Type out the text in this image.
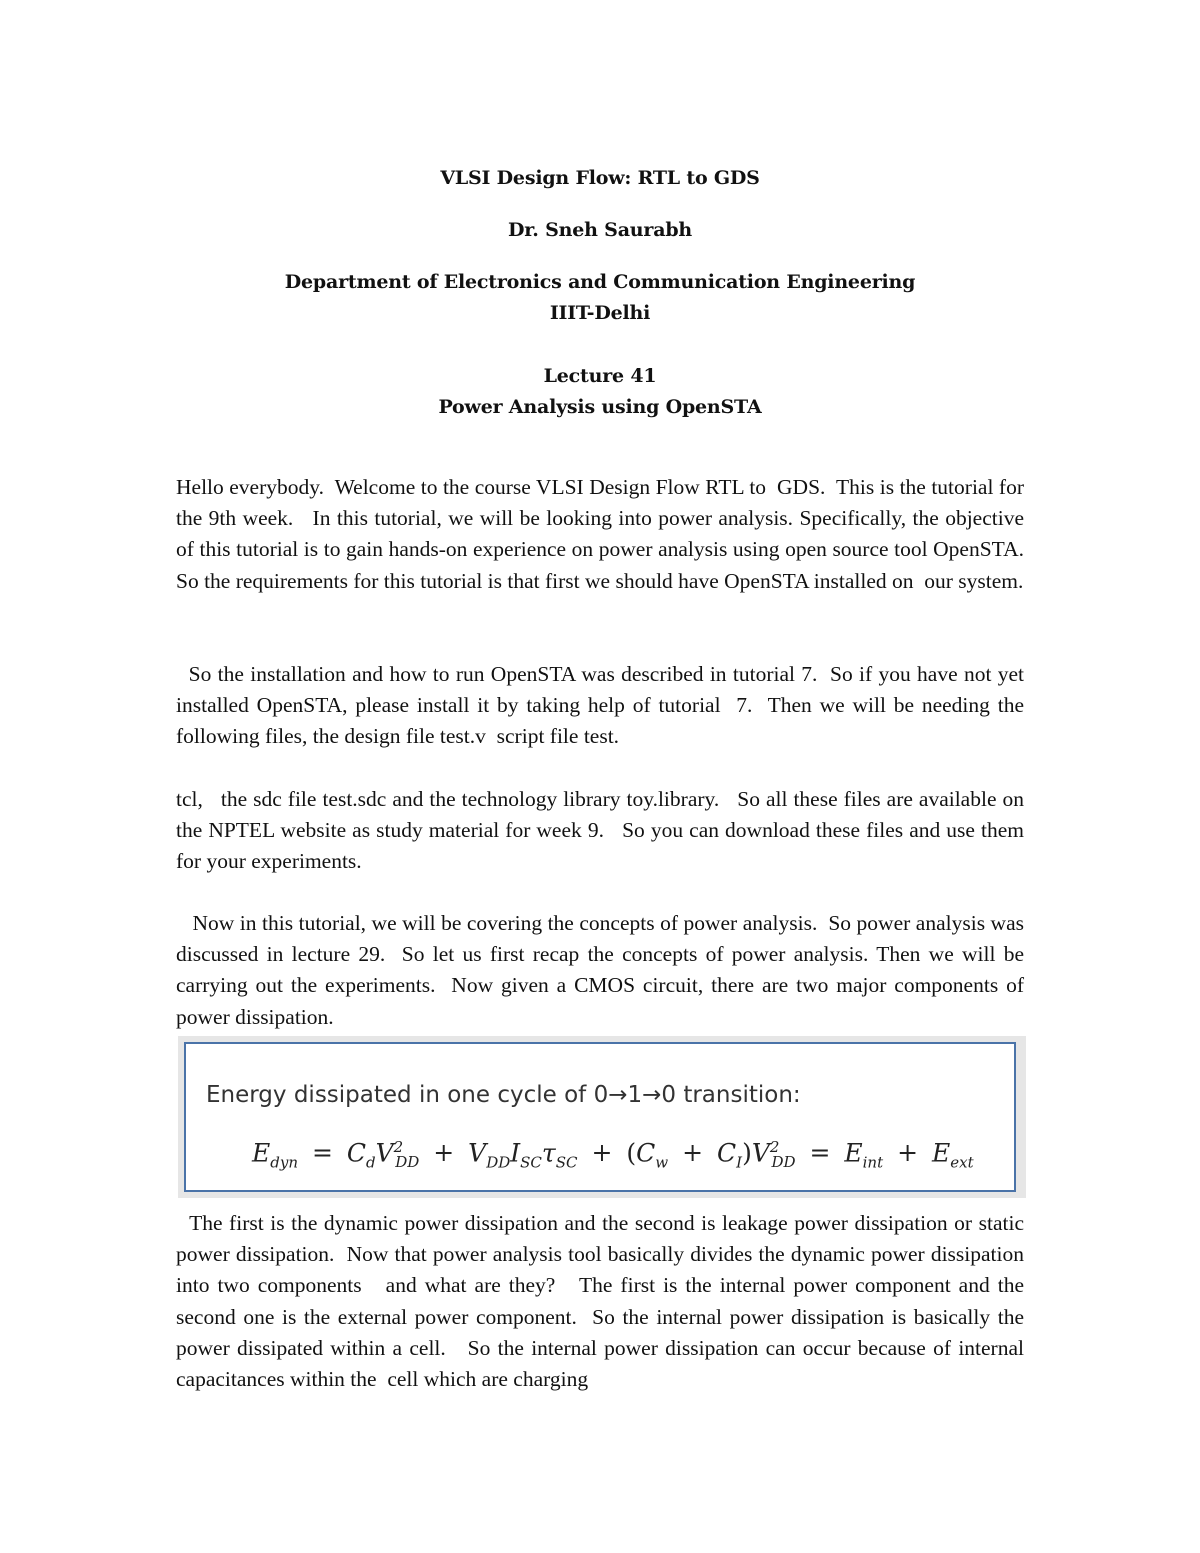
VLSI Design Flow: RTL to GDS
Dr. Sneh Saurabh
Department of Electronics and Communication Engineering
IIIT-Delhi
Lecture 41
Power Analysis using OpenSTA

Hello everybody.  Welcome to the course VLSI Design Flow RTL to  GDS.  This is the tutorial for the 9th week.   In this tutorial, we will be looking into power analysis. Specifically, the objective of this tutorial is to gain hands-on experience on power analysis using open source tool OpenSTA.   So the requirements for this tutorial is that first we should have OpenSTA installed on  our system.

So the installation and how to run OpenSTA was described in tutorial 7.  So if you have not yet installed OpenSTA, please install it by taking help of tutorial  7.  Then we will be needing the following files, the design file test.v  script file test.

tcl,   the sdc file test.sdc and the technology library toy.library.   So all these files are available on the NPTEL website as study material for week 9.   So you can download these files and use them for your experiments.

Now in this tutorial, we will be covering the concepts of power analysis.  So power analysis was discussed in lecture 29.  So let us first recap the concepts of power analysis. Then we will be carrying out the experiments.  Now given a CMOS circuit, there are two major components of power dissipation.

Energy dissipated in one cycle of 0→1→0 transition:
$E_{dyn} = C_dV^2_{DD} + V_{DD}I_{SC}\tau_{SC} + (C_w + C_I)V^2_{DD} = E_{int} + E_{ext}$

The first is the dynamic power dissipation and the second is leakage power dissipation or static power dissipation.  Now that power analysis tool basically divides the dynamic power dissipation into two components   and what are they?   The first is the internal power component and the second one is the external power component.  So the internal power dissipation is basically the power dissipated within a cell.   So the internal power dissipation can occur because of internal capacitances within the  cell which are charging
